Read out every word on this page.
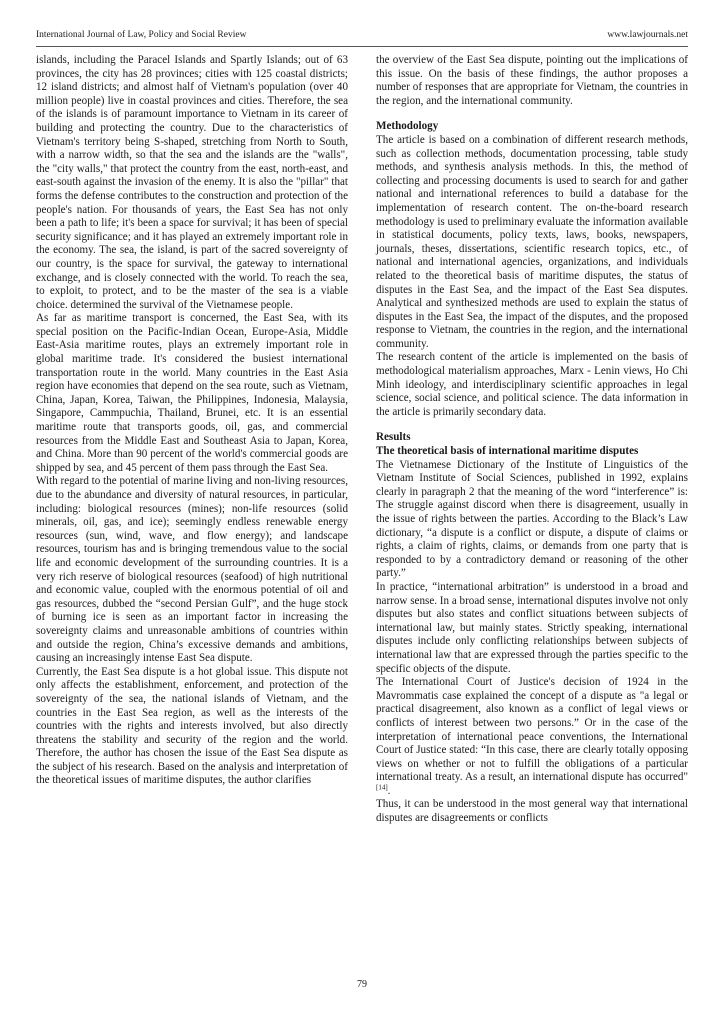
International Journal of Law, Policy and Social Review	www.lawjournals.net

islands, including the Paracel Islands and Spartly Islands; out of 63 provinces, the city has 28 provinces; cities with 125 coastal districts; 12 island districts; and almost half of Vietnam's population (over 40 million people) live in coastal provinces and cities. Therefore, the sea of the islands is of paramount importance to Vietnam in its career of building and protecting the country. Due to the characteristics of Vietnam's territory being S-shaped, stretching from North to South, with a narrow width, so that the sea and the islands are the "walls", the "city walls," that protect the country from the east, north-east, and east-south against the invasion of the enemy. It is also the "pillar" that forms the defense contributes to the construction and protection of the people's nation. For thousands of years, the East Sea has not only been a path to life; it's been a space for survival; it has been of special security significance; and it has played an extremely important role in the economy. The sea, the island, is part of the sacred sovereignty of our country, is the space for survival, the gateway to international exchange, and is closely connected with the world. To reach the sea, to exploit, to protect, and to be the master of the sea is a viable choice. determined the survival of the Vietnamese people.

As far as maritime transport is concerned, the East Sea, with its special position on the Pacific-Indian Ocean, Europe-Asia, Middle East-Asia maritime routes, plays an extremely important role in global maritime trade. It's considered the busiest international transportation route in the world. Many countries in the East Asia region have economies that depend on the sea route, such as Vietnam, China, Japan, Korea, Taiwan, the Philippines, Indonesia, Malaysia, Singapore, Cammpuchia, Thailand, Brunei, etc. It is an essential maritime route that transports goods, oil, gas, and commercial resources from the Middle East and Southeast Asia to Japan, Korea, and China. More than 90 percent of the world's commercial goods are shipped by sea, and 45 percent of them pass through the East Sea.

With regard to the potential of marine living and non-living resources, due to the abundance and diversity of natural resources, in particular, including: biological resources (mines); non-life resources (solid minerals, oil, gas, and ice); seemingly endless renewable energy resources (sun, wind, wave, and flow energy); and landscape resources, tourism has and is bringing tremendous value to the social life and economic development of the surrounding countries. It is a very rich reserve of biological resources (seafood) of high nutritional and economic value, coupled with the enormous potential of oil and gas resources, dubbed the “second Persian Gulf”, and the huge stock of burning ice is seen as an important factor in increasing the sovereignty claims and unreasonable ambitions of countries within and outside the region, China’s excessive demands and ambitions, causing an increasingly intense East Sea dispute.

Currently, the East Sea dispute is a hot global issue. This dispute not only affects the establishment, enforcement, and protection of the sovereignty of the sea, the national islands of Vietnam, and the countries in the East Sea region, as well as the interests of the countries with the rights and interests involved, but also directly threatens the stability and security of the region and the world. Therefore, the author has chosen the issue of the East Sea dispute as the subject of his research. Based on the analysis and interpretation of the theoretical issues of maritime disputes, the author clarifies

the overview of the East Sea dispute, pointing out the implications of this issue. On the basis of these findings, the author proposes a number of responses that are appropriate for Vietnam, the countries in the region, and the international community.

Methodology

The article is based on a combination of different research methods, such as collection methods, documentation processing, table study methods, and synthesis analysis methods. In this, the method of collecting and processing documents is used to search for and gather national and international references to build a database for the implementation of research content. The on-the-board research methodology is used to preliminary evaluate the information available in statistical documents, policy texts, laws, books, newspapers, journals, theses, dissertations, scientific research topics, etc., of national and international agencies, organizations, and individuals related to the theoretical basis of maritime disputes, the status of disputes in the East Sea, and the impact of the East Sea disputes. Analytical and synthesized methods are used to explain the status of disputes in the East Sea, the impact of the disputes, and the proposed response to Vietnam, the countries in the region, and the international community.

The research content of the article is implemented on the basis of methodological materialism approaches, Marx - Lenin views, Ho Chi Minh ideology, and interdisciplinary scientific approaches in legal science, social science, and political science. The data information in the article is primarily secondary data.

Results

The theoretical basis of international maritime disputes

The Vietnamese Dictionary of the Institute of Linguistics of the Vietnam Institute of Social Sciences, published in 1992, explains clearly in paragraph 2 that the meaning of the word “interference” is: The struggle against discord when there is disagreement, usually in the issue of rights between the parties. According to the Black’s Law dictionary, “a dispute is a conflict or dispute, a dispute of claims or rights, a claim of rights, claims, or demands from one party that is responded to by a contradictory demand or reasoning of the other party.”

In practice, “international arbitration” is understood in a broad and narrow sense. In a broad sense, international disputes involve not only disputes but also states and conflict situations between subjects of international law, but mainly states. Strictly speaking, international disputes include only conflicting relationships between subjects of international law that are expressed through the parties specific to the specific objects of the dispute.

The International Court of Justice's decision of 1924 in the Mavrommatis case explained the concept of a dispute as "a legal or practical disagreement, also known as a conflict of legal views or conflicts of interest between two persons.” Or in the case of the interpretation of international peace conventions, the International Court of Justice stated: “In this case, there are clearly totally opposing views on whether or not to fulfill the obligations of a particular international treaty. As a result, an international dispute has occurred" [14].

Thus, it can be understood in the most general way that international disputes are disagreements or conflicts

79
